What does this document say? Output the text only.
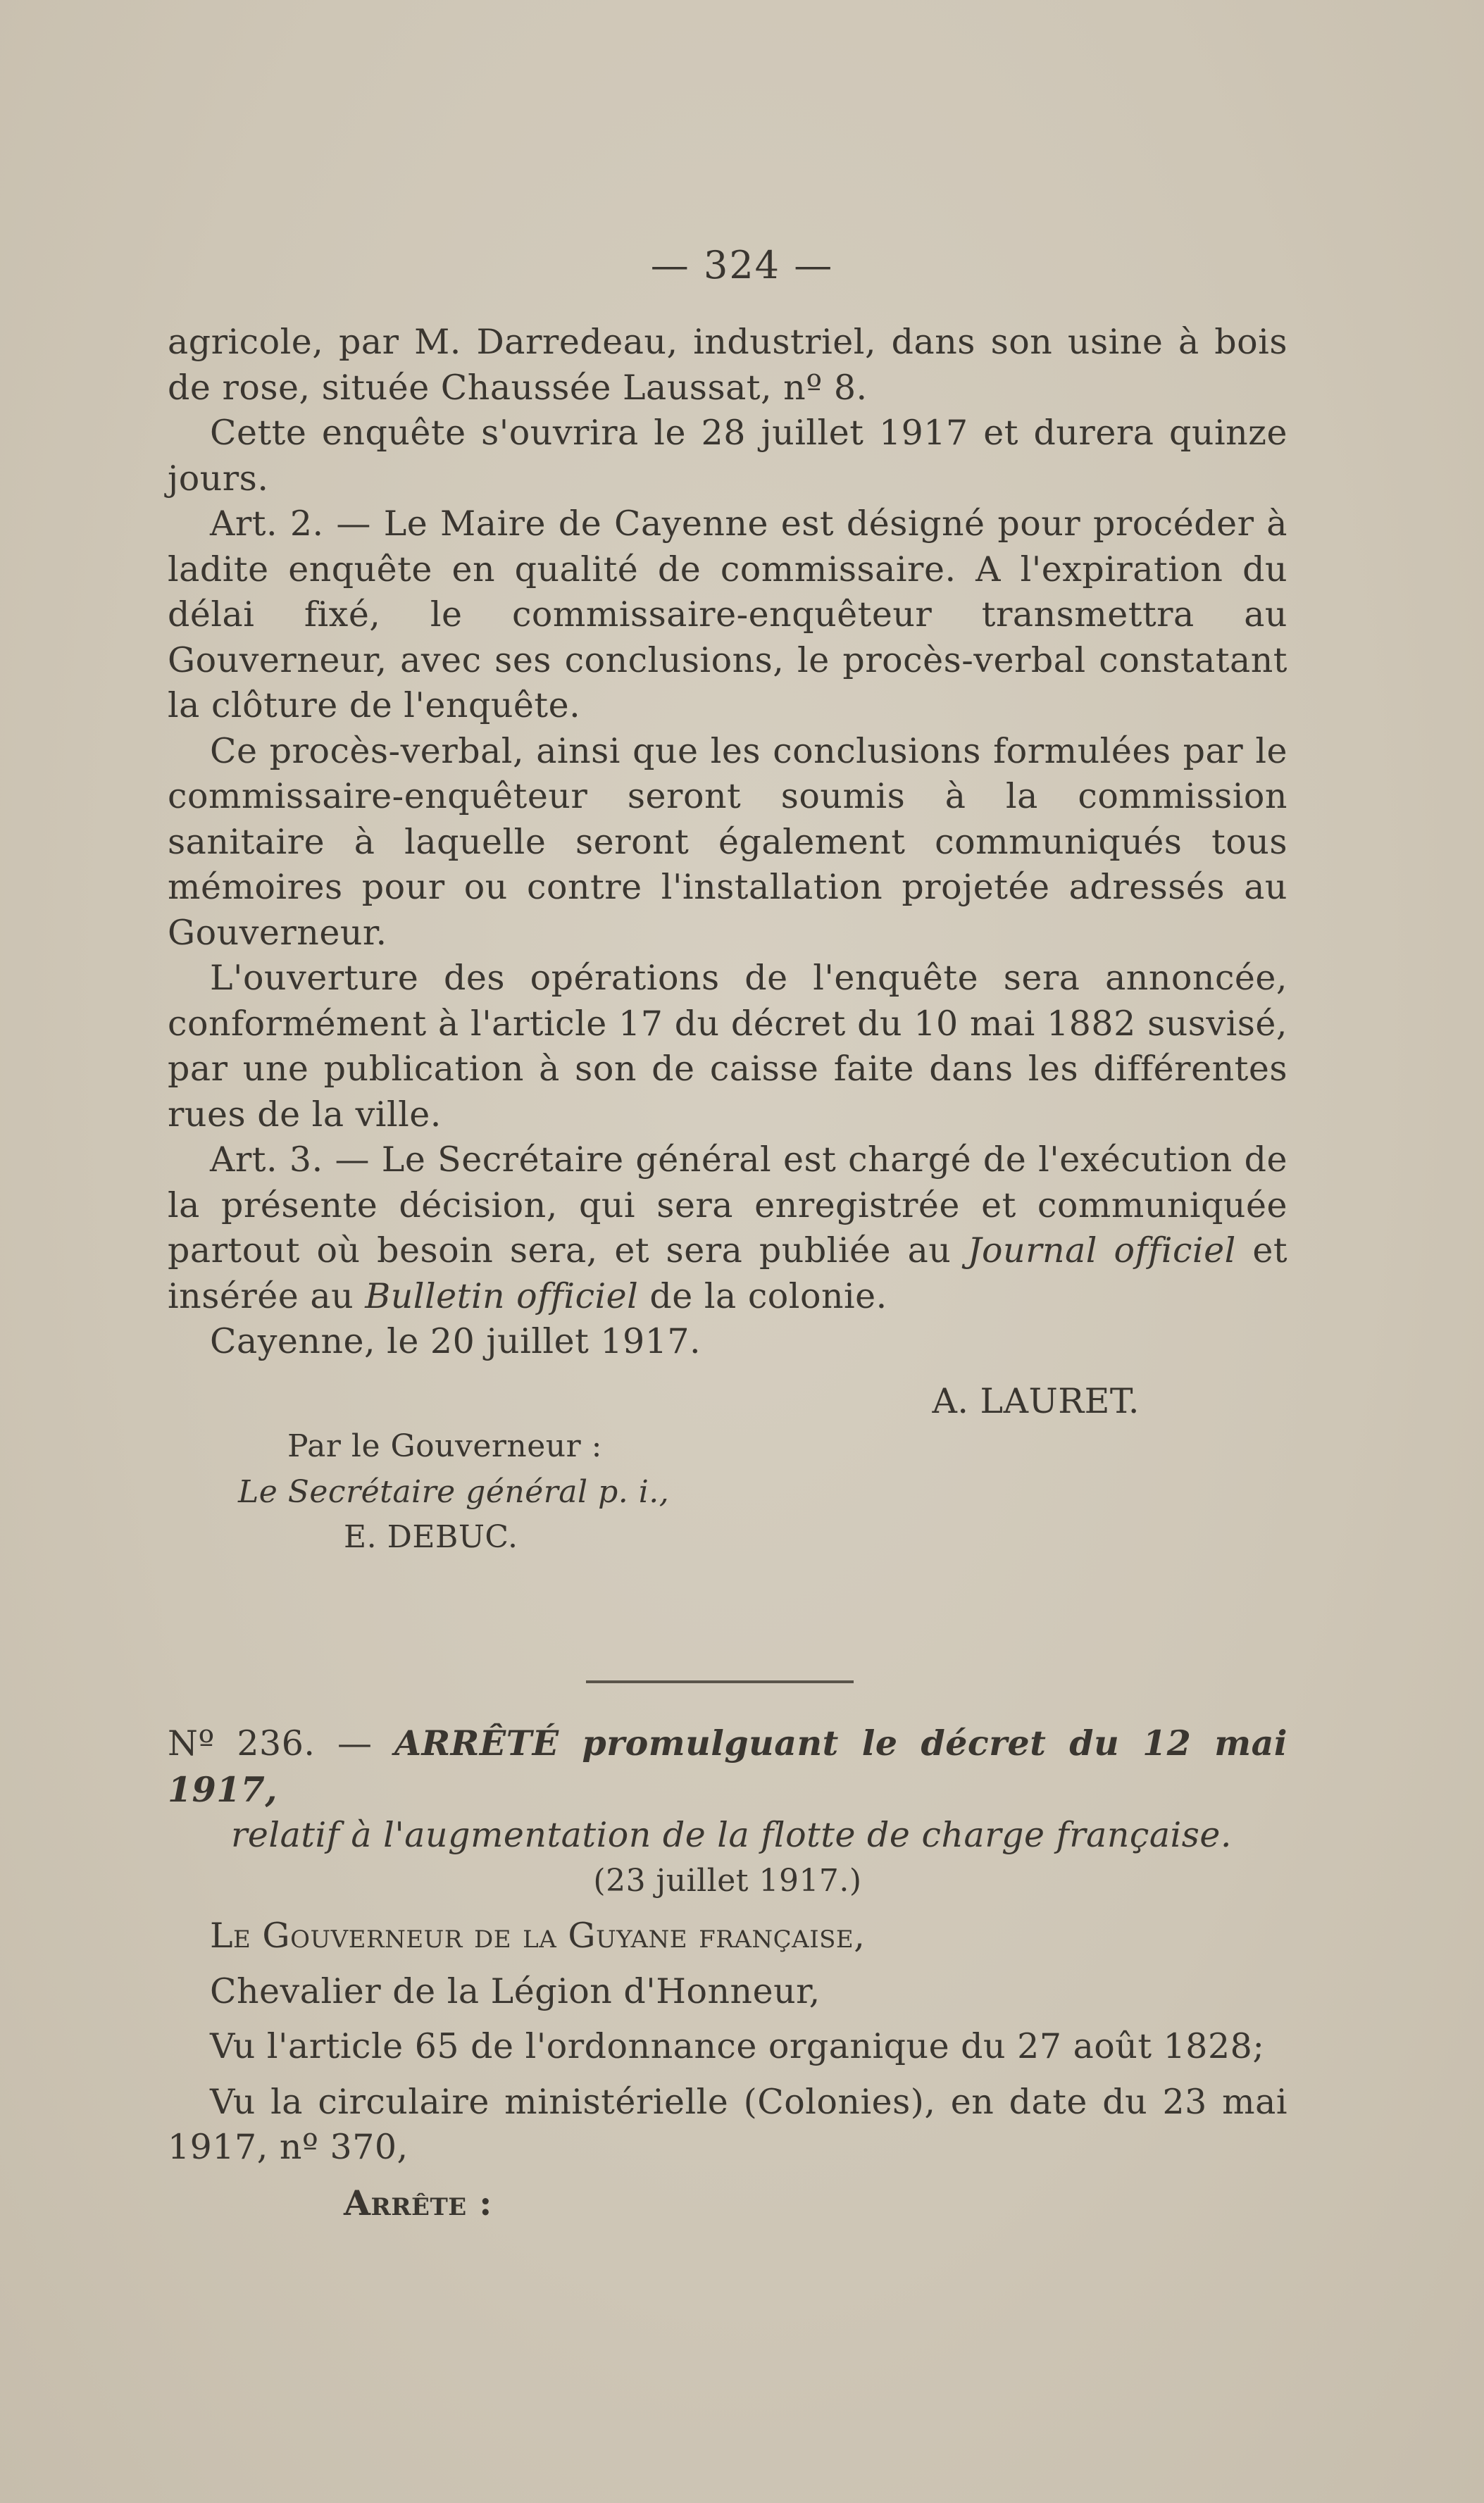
— 324 —

agricole, par M. Darredeau, industriel, dans son usine à bois de rose, située Chaussée Laussat, nº 8.

Cette enquête s'ouvrira le 28 juillet 1917 et durera quinze jours.

Art. 2. — Le Maire de Cayenne est désigné pour procéder à ladite enquête en qualité de commissaire. A l'expiration du délai fixé, le commissaire-enquêteur transmettra au Gouverneur, avec ses conclusions, le procès-verbal constatant la clôture de l'enquête.

Ce procès-verbal, ainsi que les conclusions formulées par le commissaire-enquêteur seront soumis à la commission sanitaire à laquelle seront également communiqués tous mémoires pour ou contre l'installation projetée adressés au Gouverneur.

L'ouverture des opérations de l'enquête sera annoncée, conformément à l'article 17 du décret du 10 mai 1882 susvisé, par une publication à son de caisse faite dans les différentes rues de la ville.

Art. 3. — Le Secrétaire général est chargé de l'exécution de la présente décision, qui sera enregistrée et communiquée partout où besoin sera, et sera publiée au Journal officiel et insérée au Bulletin officiel de la colonie.

Cayenne, le 20 juillet 1917.

A. LAURET.

Par le Gouverneur :

Le Secrétaire général p. i.,

E. DEBUC.

Nº 236. — ARRÊTÉ promulguant le décret du 12 mai 1917,
relatif à l'augmentation de la flotte de charge française.

(23 juillet 1917.)

Le Gouverneur de la Guyane française,

Chevalier de la Légion d'Honneur,

Vu l'article 65 de l'ordonnance organique du 27 août 1828;

Vu la circulaire ministérielle (Colonies), en date du 23 mai 1917, nº 370,

Arrête :
